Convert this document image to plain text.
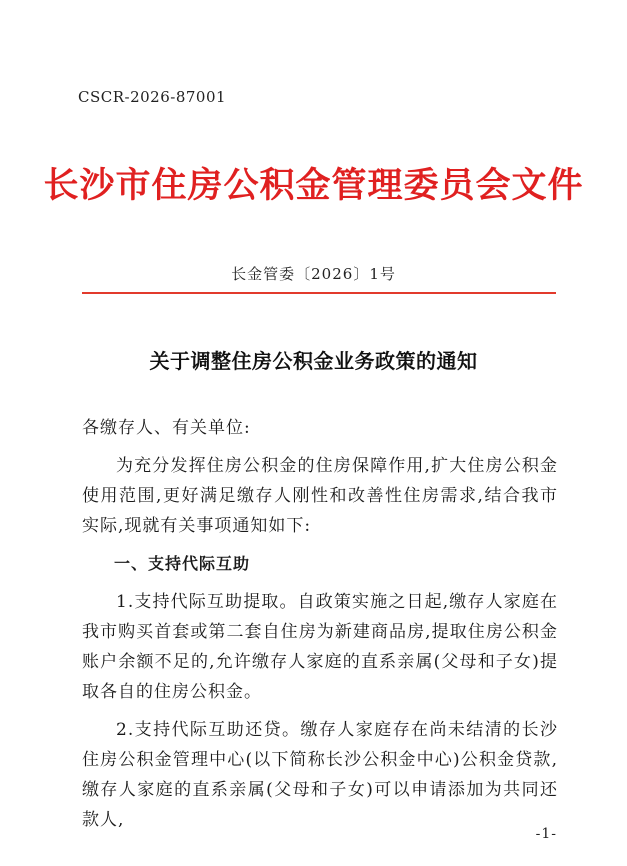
CSCR-2026-87001
长沙市住房公积金管理委员会文件
长金管委〔2026〕1号
关于调整住房公积金业务政策的通知

各缴存人、有关单位:

为充分发挥住房公积金的住房保障作用,扩大住房公积金使用范围,更好满足缴存人刚性和改善性住房需求,结合我市实际,现就有关事项通知如下:

一、支持代际互助

1.支持代际互助提取。自政策实施之日起,缴存人家庭在我市购买首套或第二套自住房为新建商品房,提取住房公积金账户余额不足的,允许缴存人家庭的直系亲属(父母和子女)提取各自的住房公积金。

2.支持代际互助还贷。缴存人家庭存在尚未结清的长沙住房公积金管理中心(以下简称长沙公积金中心)公积金贷款,缴存人家庭的直系亲属(父母和子女)可以申请添加为共同还款人,

-1-
